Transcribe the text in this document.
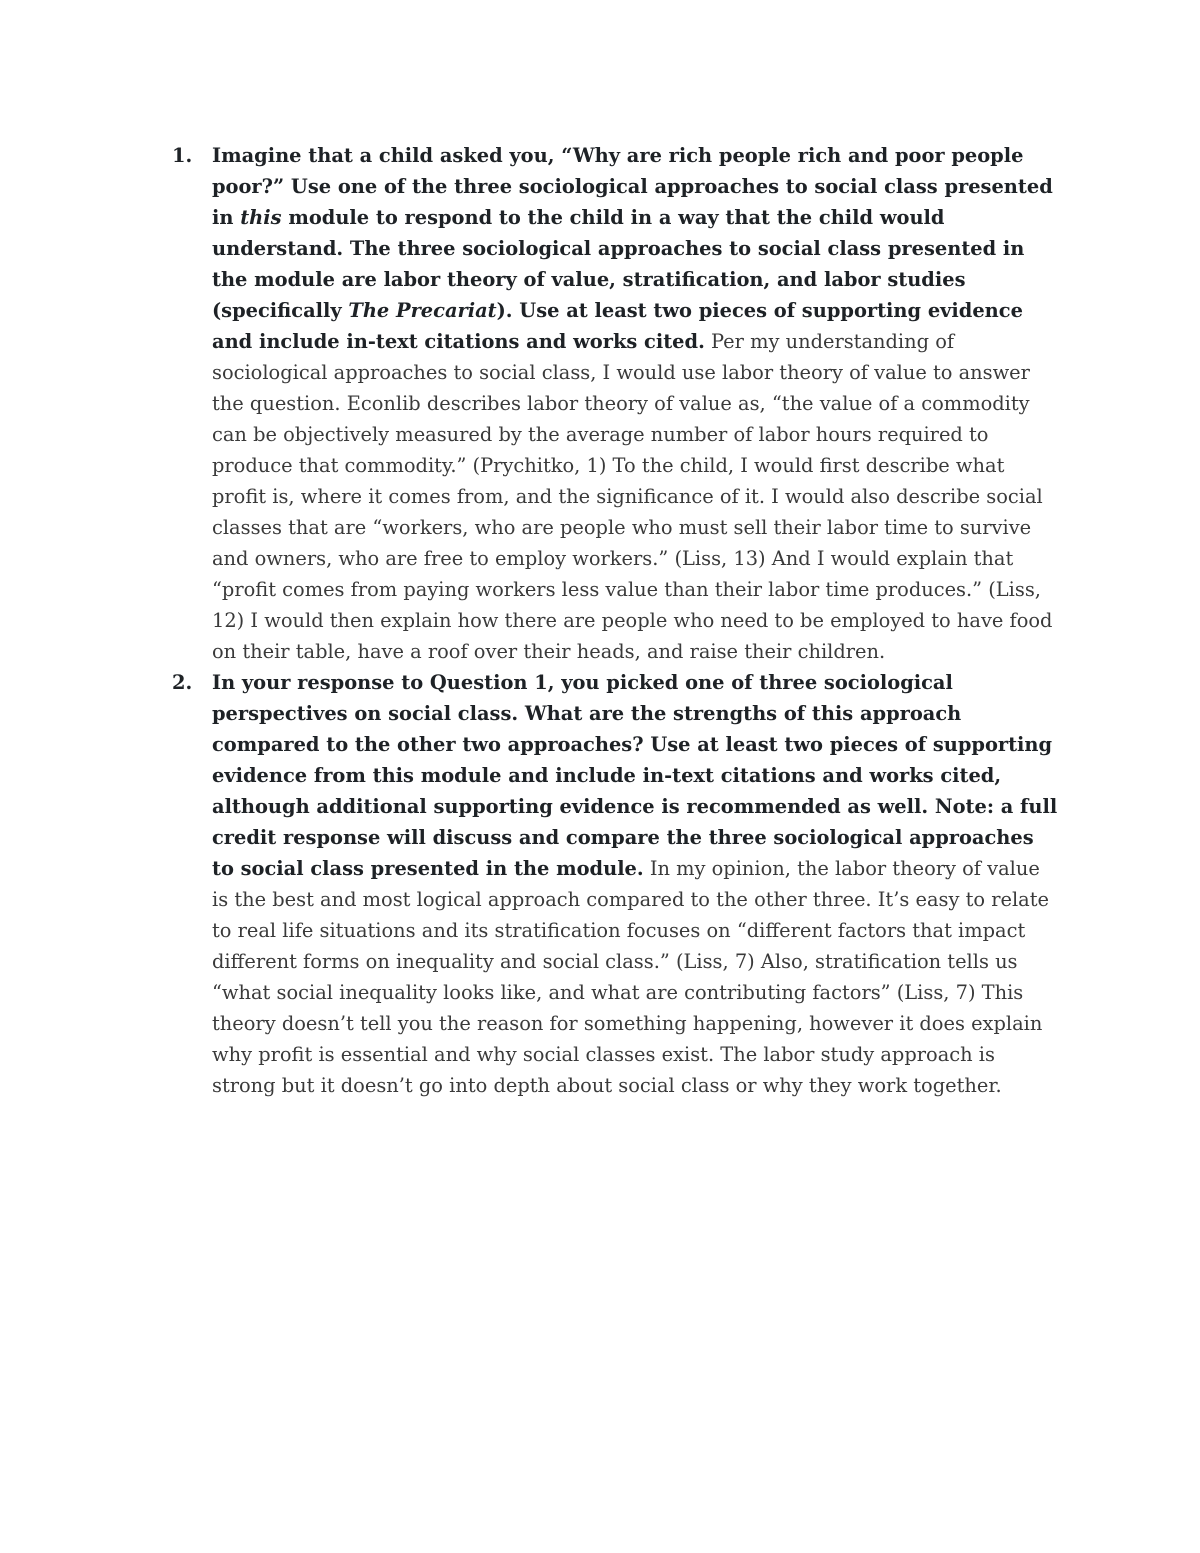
1. Imagine that a child asked you, “Why are rich people rich and poor people poor?” Use one of the three sociological approaches to social class presented in this module to respond to the child in a way that the child would understand. The three sociological approaches to social class presented in the module are labor theory of value, stratification, and labor studies (specifically The Precariat). Use at least two pieces of supporting evidence and include in-text citations and works cited. Per my understanding of sociological approaches to social class, I would use labor theory of value to answer the question. Econlib describes labor theory of value as, “the value of a commodity can be objectively measured by the average number of labor hours required to produce that commodity.” (Prychitko, 1) To the child, I would first describe what profit is, where it comes from, and the significance of it. I would also describe social classes that are “workers, who are people who must sell their labor time to survive and owners, who are free to employ workers.” (Liss, 13) And I would explain that “profit comes from paying workers less value than their labor time produces.” (Liss, 12) I would then explain how there are people who need to be employed to have food on their table, have a roof over their heads, and raise their children.
2. In your response to Question 1, you picked one of three sociological perspectives on social class. What are the strengths of this approach compared to the other two approaches? Use at least two pieces of supporting evidence from this module and include in-text citations and works cited, although additional supporting evidence is recommended as well. Note: a full credit response will discuss and compare the three sociological approaches to social class presented in the module. In my opinion, the labor theory of value is the best and most logical approach compared to the other three. It’s easy to relate to real life situations and its stratification focuses on “different factors that impact different forms on inequality and social class.” (Liss, 7) Also, stratification tells us “what social inequality looks like, and what are contributing factors” (Liss, 7) This theory doesn’t tell you the reason for something happening, however it does explain why profit is essential and why social classes exist. The labor study approach is strong but it doesn’t go into depth about social class or why they work together.
